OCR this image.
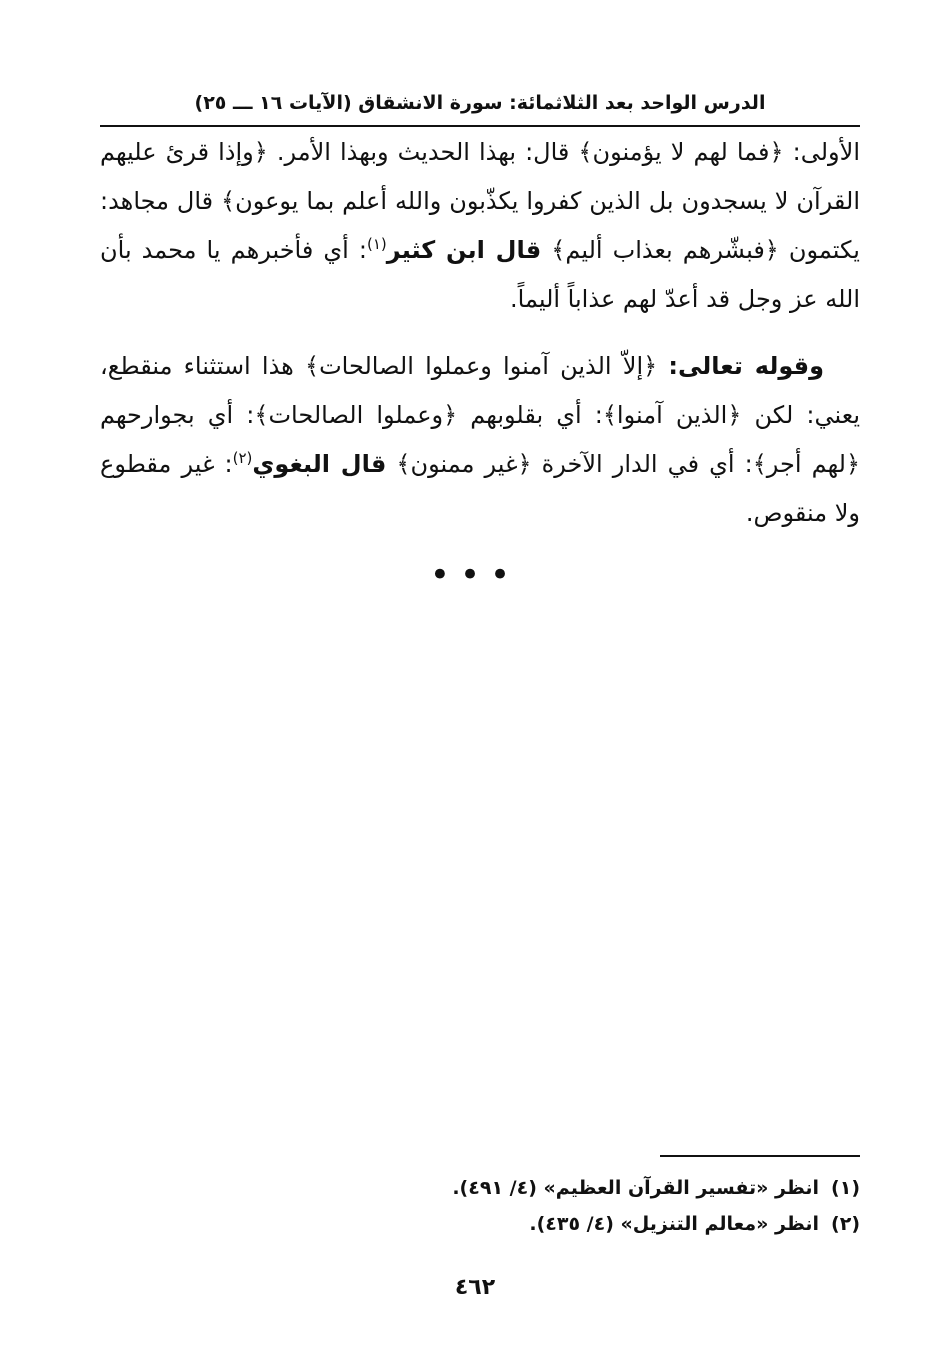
الدرس الواحد بعد الثلاثمائة: سورة الانشقاق (الآيات ١٦ ـــ ٢٥)

الأولى: ﴿فما لهم لا يؤمنون﴾ قال: بهذا الحديث وبهذا الأمر. ﴿وإذا قرئ عليهم القرآن لا يسجدون بل الذين كفروا يكذّبون والله أعلم بما يوعون﴾ قال مجاهد: يكتمون ﴿فبشّرهم بعذاب أليم﴾ قال ابن كثير$^{(١)}$: أي فأخبرهم يا محمد بأن الله عز وجل قد أعدّ لهم عذاباً أليماً.

وقوله تعالى: ﴿إلاّ الذين آمنوا وعملوا الصالحات﴾ هذا استثناء منقطع، يعني: لكن ﴿الذين آمنوا﴾: أي بقلوبهم ﴿وعملوا الصالحات﴾: أي بجوارحهم ﴿لهم أجر﴾: أي في الدار الآخرة ﴿غير ممنون﴾ قال البغوي$^{(٢)}$: غير مقطوع ولا منقوص.

•••

(١)انظر «تفسير القرآن العظيم» (٤/ ٤٩١).

(٢)انظر «معالم التنزيل» (٤/ ٤٣٥).

٤٦٢
